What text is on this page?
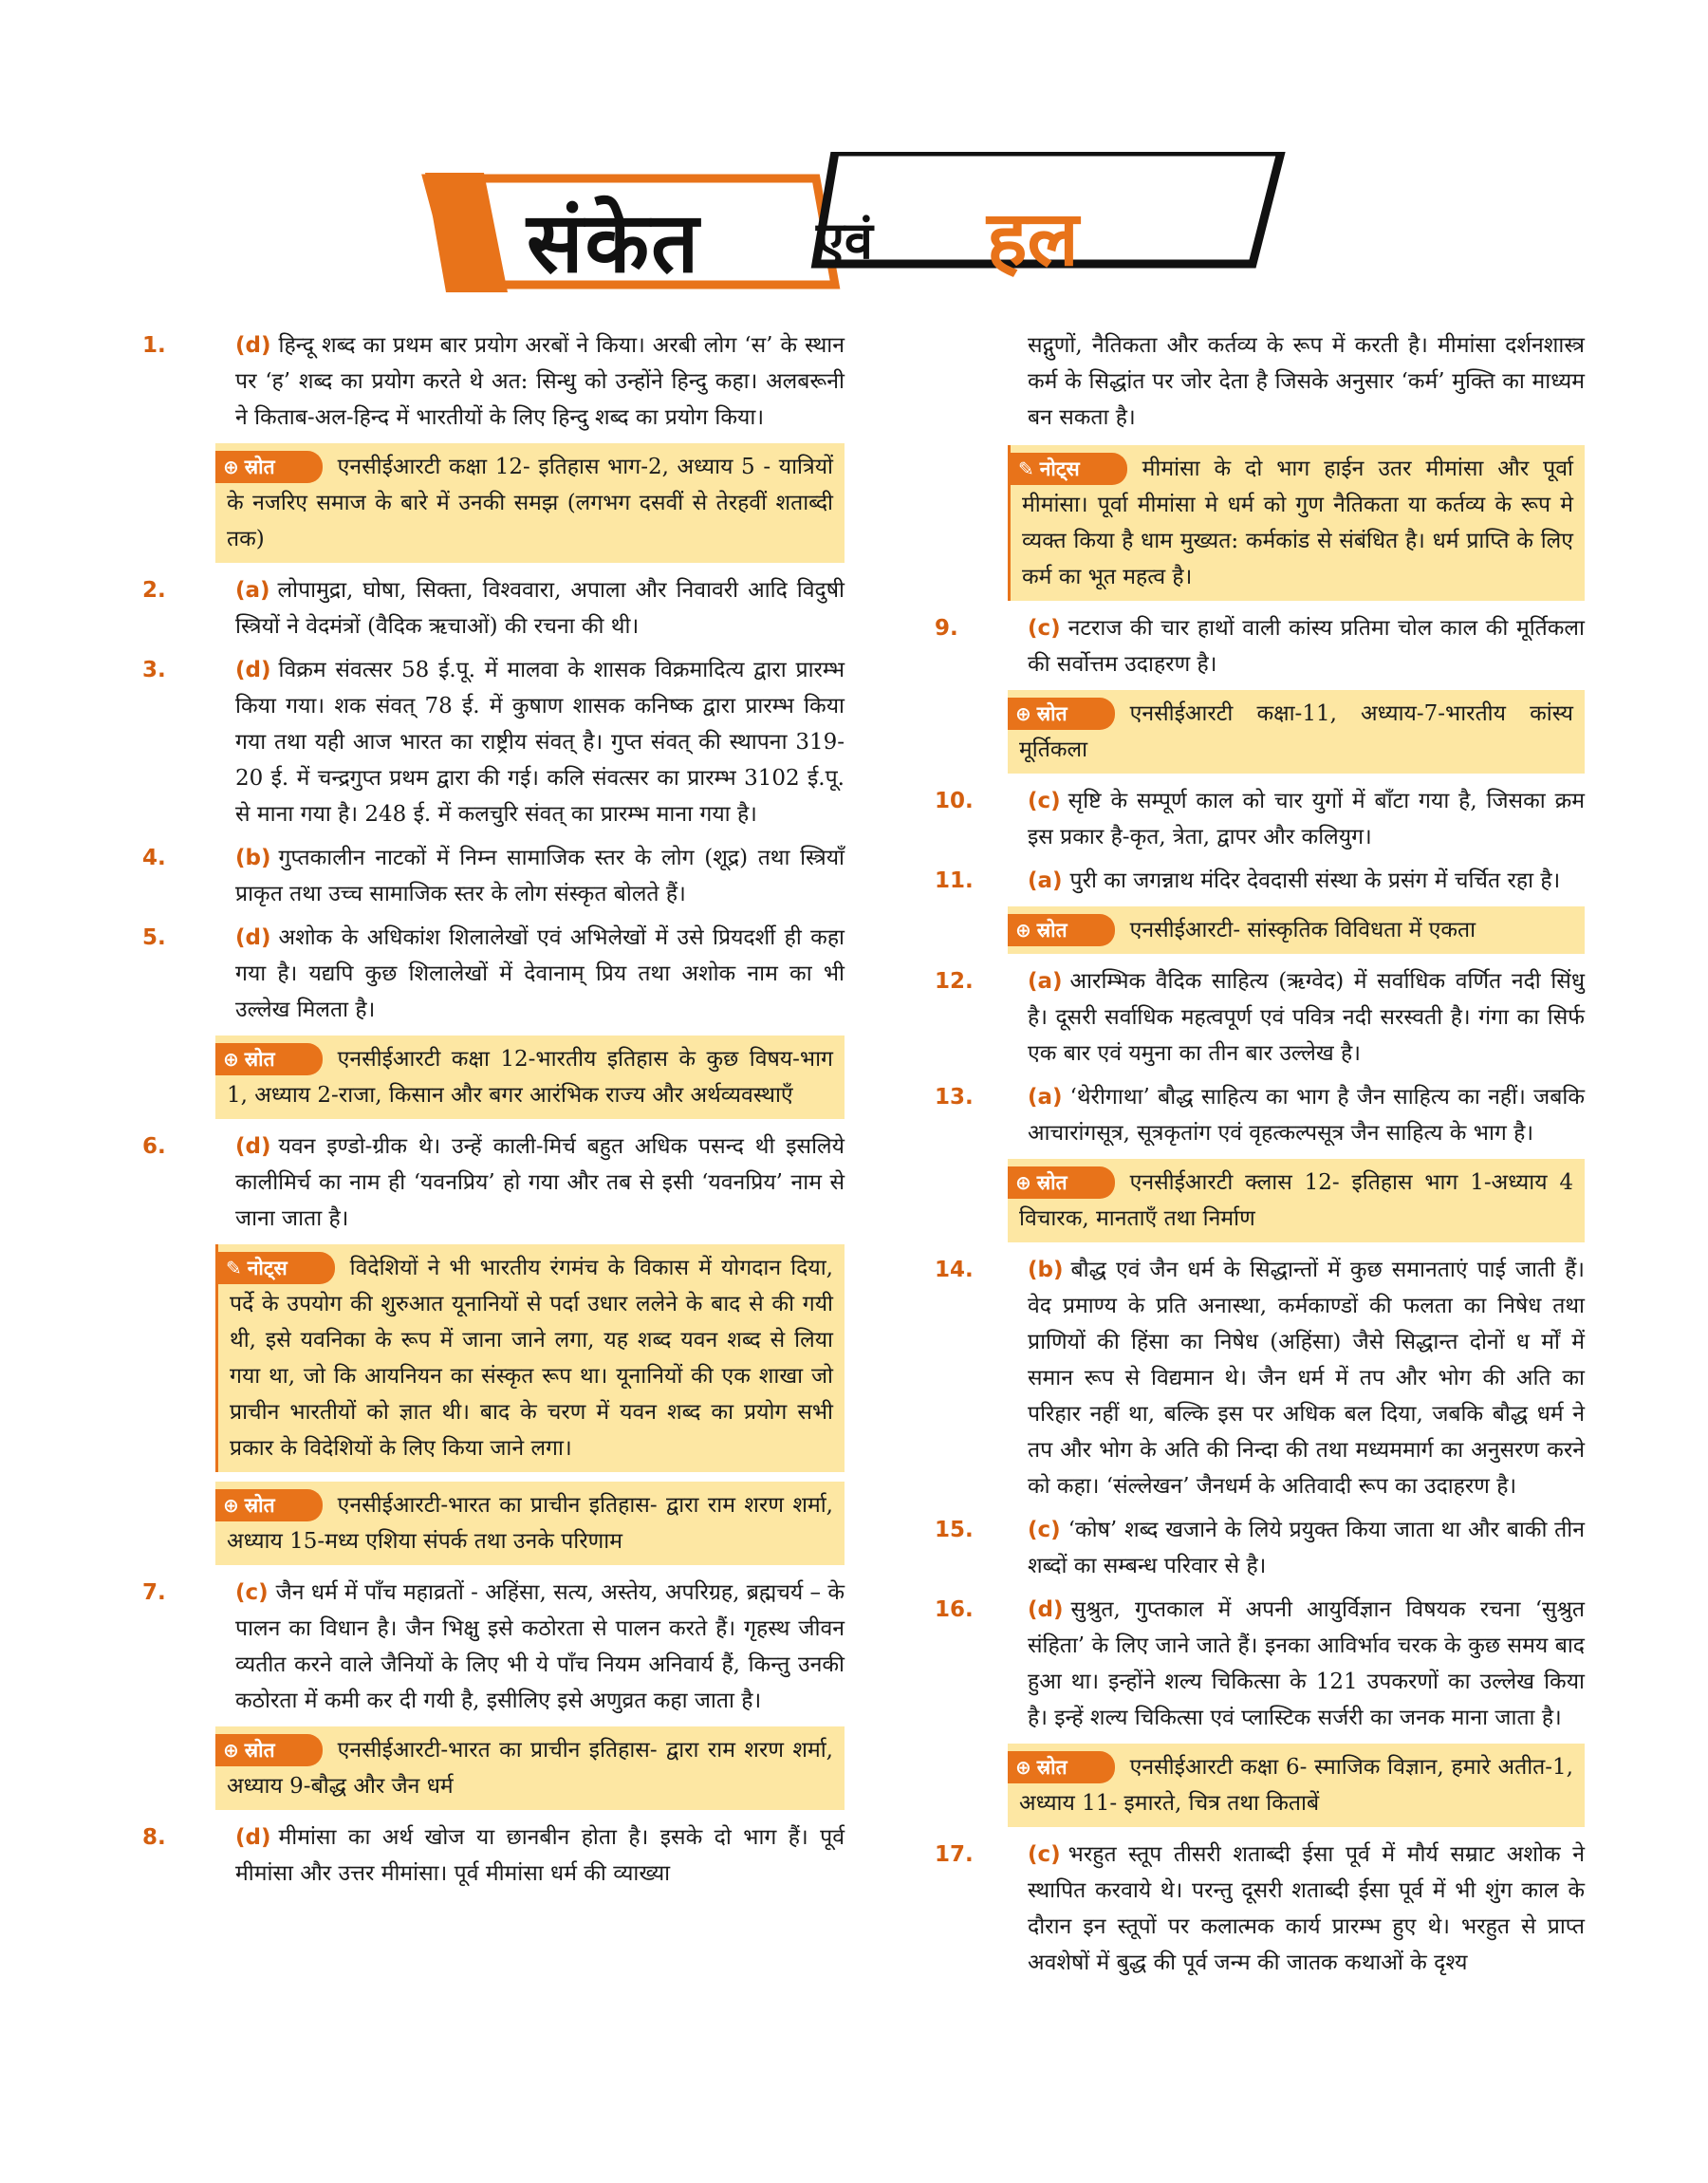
संकेत एवं हल
1.	(d) हिन्दू शब्द का प्रथम बार प्रयोग अरबों ने किया। अरबी लोग ‘स’ के स्थान पर ‘ह’ शब्द का प्रयोग करते थे अत: सिन्धु को उन्होंने हिन्दु कहा। अलबरूनी ने किताब-अल-हिन्द में भारतीयों के लिए हिन्दु शब्द का प्रयोग किया।
⊕ स्रोत	एनसीईआरटी कक्षा 12- इतिहास भाग-2, अध्याय 5 - यात्रियों के नजरिए समाज के बारे में उनकी समझ (लगभग दसवीं से तेरहवीं शताब्दी तक)
2.	(a) लोपामुद्रा, घोषा, सिक्ता, विश्ववारा, अपाला और निवावरी आदि विदुषी स्त्रियों ने वेदमंत्रों (वैदिक ऋचाओं) की रचना की थी।
3.	(d) विक्रम संवत्सर 58 ई.पू. में मालवा के शासक विक्रमादित्य द्वारा प्रारम्भ किया गया। शक संवत् 78 ई. में कुषाण शासक कनिष्क द्वारा प्रारम्भ किया गया तथा यही आज भारत का राष्ट्रीय संवत् है। गुप्त संवत् की स्थापना 319-20 ई. में चन्द्रगुप्त प्रथम द्वारा की गई। कलि संवत्सर का प्रारम्भ 3102 ई.पू. से माना गया है। 248 ई. में कलचुरि संवत् का प्रारम्भ माना गया है।
4.	(b) गुप्तकालीन नाटकों में निम्न सामाजिक स्तर के लोग (शूद्र) तथा स्त्रियाँ प्राकृत तथा उच्च सामाजिक स्तर के लोग संस्कृत बोलते हैं।
5.	(d) अशोक के अधिकांश शिलालेखों एवं अभिलेखों में उसे प्रियदर्शी ही कहा गया है। यद्यपि कुछ शिलालेखों में देवानाम् प्रिय तथा अशोक नाम का भी उल्लेख मिलता है।
⊕ स्रोत	एनसीईआरटी कक्षा 12-भारतीय इतिहास के कुछ विषय-भाग 1, अध्याय 2-राजा, किसान और बगर आरंभिक राज्य और अर्थव्यवस्थाएँ
6.	(d) यवन इण्डो-ग्रीक थे। उन्हें काली-मिर्च बहुत अधिक पसन्द थी इसलिये कालीमिर्च का नाम ही ‘यवनप्रिय’ हो गया और तब से इसी ‘यवनप्रिय’ नाम से जाना जाता है।
✎ नोट्स	विदेशियों ने भी भारतीय रंगमंच के विकास में योगदान दिया, पर्दे के उपयोग की शुरुआत यूनानियों से पर्दा उधार ललेने के बाद से की गयी थी, इसे यवनिका के रूप में जाना जाने लगा, यह शब्द यवन शब्द से लिया गया था, जो कि आयनियन का संस्कृत रूप था। यूनानियों की एक शाखा जो प्राचीन भारतीयों को ज्ञात थी। बाद के चरण में यवन शब्द का प्रयोग सभी प्रकार के विदेशियों के लिए किया जाने लगा।
⊕ स्रोत	एनसीईआरटी-भारत का प्राचीन इतिहास- द्वारा राम शरण शर्मा, अध्याय 15-मध्य एशिया संपर्क तथा उनके परिणाम
7.	(c) जैन धर्म में पाँच महाव्रतों - अहिंसा, सत्य, अस्तेय, अपरिग्रह, ब्रह्मचर्य – के पालन का विधान है। जैन भिक्षु इसे कठोरता से पालन करते हैं। गृहस्थ जीवन व्यतीत करने वाले जैनियों के लिए भी ये पाँच नियम अनिवार्य हैं, किन्तु उनकी कठोरता में कमी कर दी गयी है, इसीलिए इसे अणुव्रत कहा जाता है।
⊕ स्रोत	एनसीईआरटी-भारत का प्राचीन इतिहास- द्वारा राम शरण शर्मा, अध्याय 9-बौद्ध और जैन धर्म
8.	(d) मीमांसा का अर्थ खोज या छानबीन होता है। इसके दो भाग हैं। पूर्व मीमांसा और उत्तर मीमांसा। पूर्व मीमांसा धर्म की व्याख्या
सद्गुणों, नैतिकता और कर्तव्य के रूप में करती है। मीमांसा दर्शनशास्त्र कर्म के सिद्धांत पर जोर देता है जिसके अनुसार ‘कर्म’ मुक्ति का माध्यम बन सकता है।
✎ नोट्स	मीमांसा के दो भाग हाईन उतर मीमांसा और पूर्वा मीमांसा। पूर्वा मीमांसा मे धर्म को गुण नैतिकता या कर्तव्य के रूप मे व्यक्त किया है धाम मुख्यत: कर्मकांड से संबंधित है। धर्म प्राप्ति के लिए कर्म का भूत महत्व है।
9.	(c) नटराज की चार हाथों वाली कांस्य प्रतिमा चोल काल की मूर्तिकला की सर्वोत्तम उदाहरण है।
⊕ स्रोत	एनसीईआरटी कक्षा-11, अध्याय-7-भारतीय कांस्य मूर्तिकला
10.	(c) सृष्टि के सम्पूर्ण काल को चार युगों में बाँटा गया है, जिसका क्रम इस प्रकार है-कृत, त्रेता, द्वापर और कलियुग।
11.	(a) पुरी का जगन्नाथ मंदिर देवदासी संस्था के प्रसंग में चर्चित रहा है।
⊕ स्रोत	एनसीईआरटी- सांस्कृतिक विविधता में एकता
12.	(a) आरम्भिक वैदिक साहित्य (ऋग्वेद) में सर्वाधिक वर्णित नदी सिंधु है। दूसरी सर्वाधिक महत्वपूर्ण एवं पवित्र नदी सरस्वती है। गंगा का सिर्फ एक बार एवं यमुना का तीन बार उल्लेख है।
13.	(a) ‘थेरीगाथा’ बौद्ध साहित्य का भाग है जैन साहित्य का नहीं। जबकि आचारांगसूत्र, सूत्रकृतांग एवं वृहत्कल्पसूत्र जैन साहित्य के भाग है।
⊕ स्रोत	एनसीईआरटी क्लास 12- इतिहास भाग 1-अध्याय 4 विचारक, मानताएँ तथा निर्माण
14.	(b) बौद्ध एवं जैन धर्म के सिद्धान्तों में कुछ समानताएं पाई जाती हैं। वेद प्रमाण्य के प्रति अनास्था, कर्मकाण्डों की फलता का निषेध तथा प्राणियों की हिंसा का निषेध (अहिंसा) जैसे सिद्धान्त दोनों ध र्मों में समान रूप से विद्यमान थे। जैन धर्म में तप और भोग की अति का परिहार नहीं था, बल्कि इस पर अधिक बल दिया, जबकि बौद्ध धर्म ने तप और भोग के अति की निन्दा की तथा मध्यममार्ग का अनुसरण करने को कहा। ‘संल्लेखन’ जैनधर्म के अतिवादी रूप का उदाहरण है।
15.	(c) ‘कोष’ शब्द खजाने के लिये प्रयुक्त किया जाता था और बाकी तीन शब्दों का सम्बन्ध परिवार से है।
16.	(d) सुश्रुत, गुप्तकाल में अपनी आयुर्विज्ञान विषयक रचना ‘सुश्रुत संहिता’ के लिए जाने जाते हैं। इनका आविर्भाव चरक के कुछ समय बाद हुआ था। इन्होंने शल्य चिकित्सा के 121 उपकरणों का उल्लेख किया है। इन्हें शल्य चिकित्सा एवं प्लास्टिक सर्जरी का जनक माना जाता है।
⊕ स्रोत	एनसीईआरटी कक्षा 6- स्माजिक विज्ञान, हमारे अतीत-1, अध्याय 11- इमारते, चित्र तथा किताबें
17.	(c) भरहुत स्तूप तीसरी शताब्दी ईसा पूर्व में मौर्य सम्राट अशोक ने स्थापित करवाये थे। परन्तु दूसरी शताब्दी ईसा पूर्व में भी शुंग काल के दौरान इन स्तूपों पर कलात्मक कार्य प्रारम्भ हुए थे। भरहुत से प्राप्त अवशेषों में बुद्ध की पूर्व जन्म की जातक कथाओं के दृश्य
